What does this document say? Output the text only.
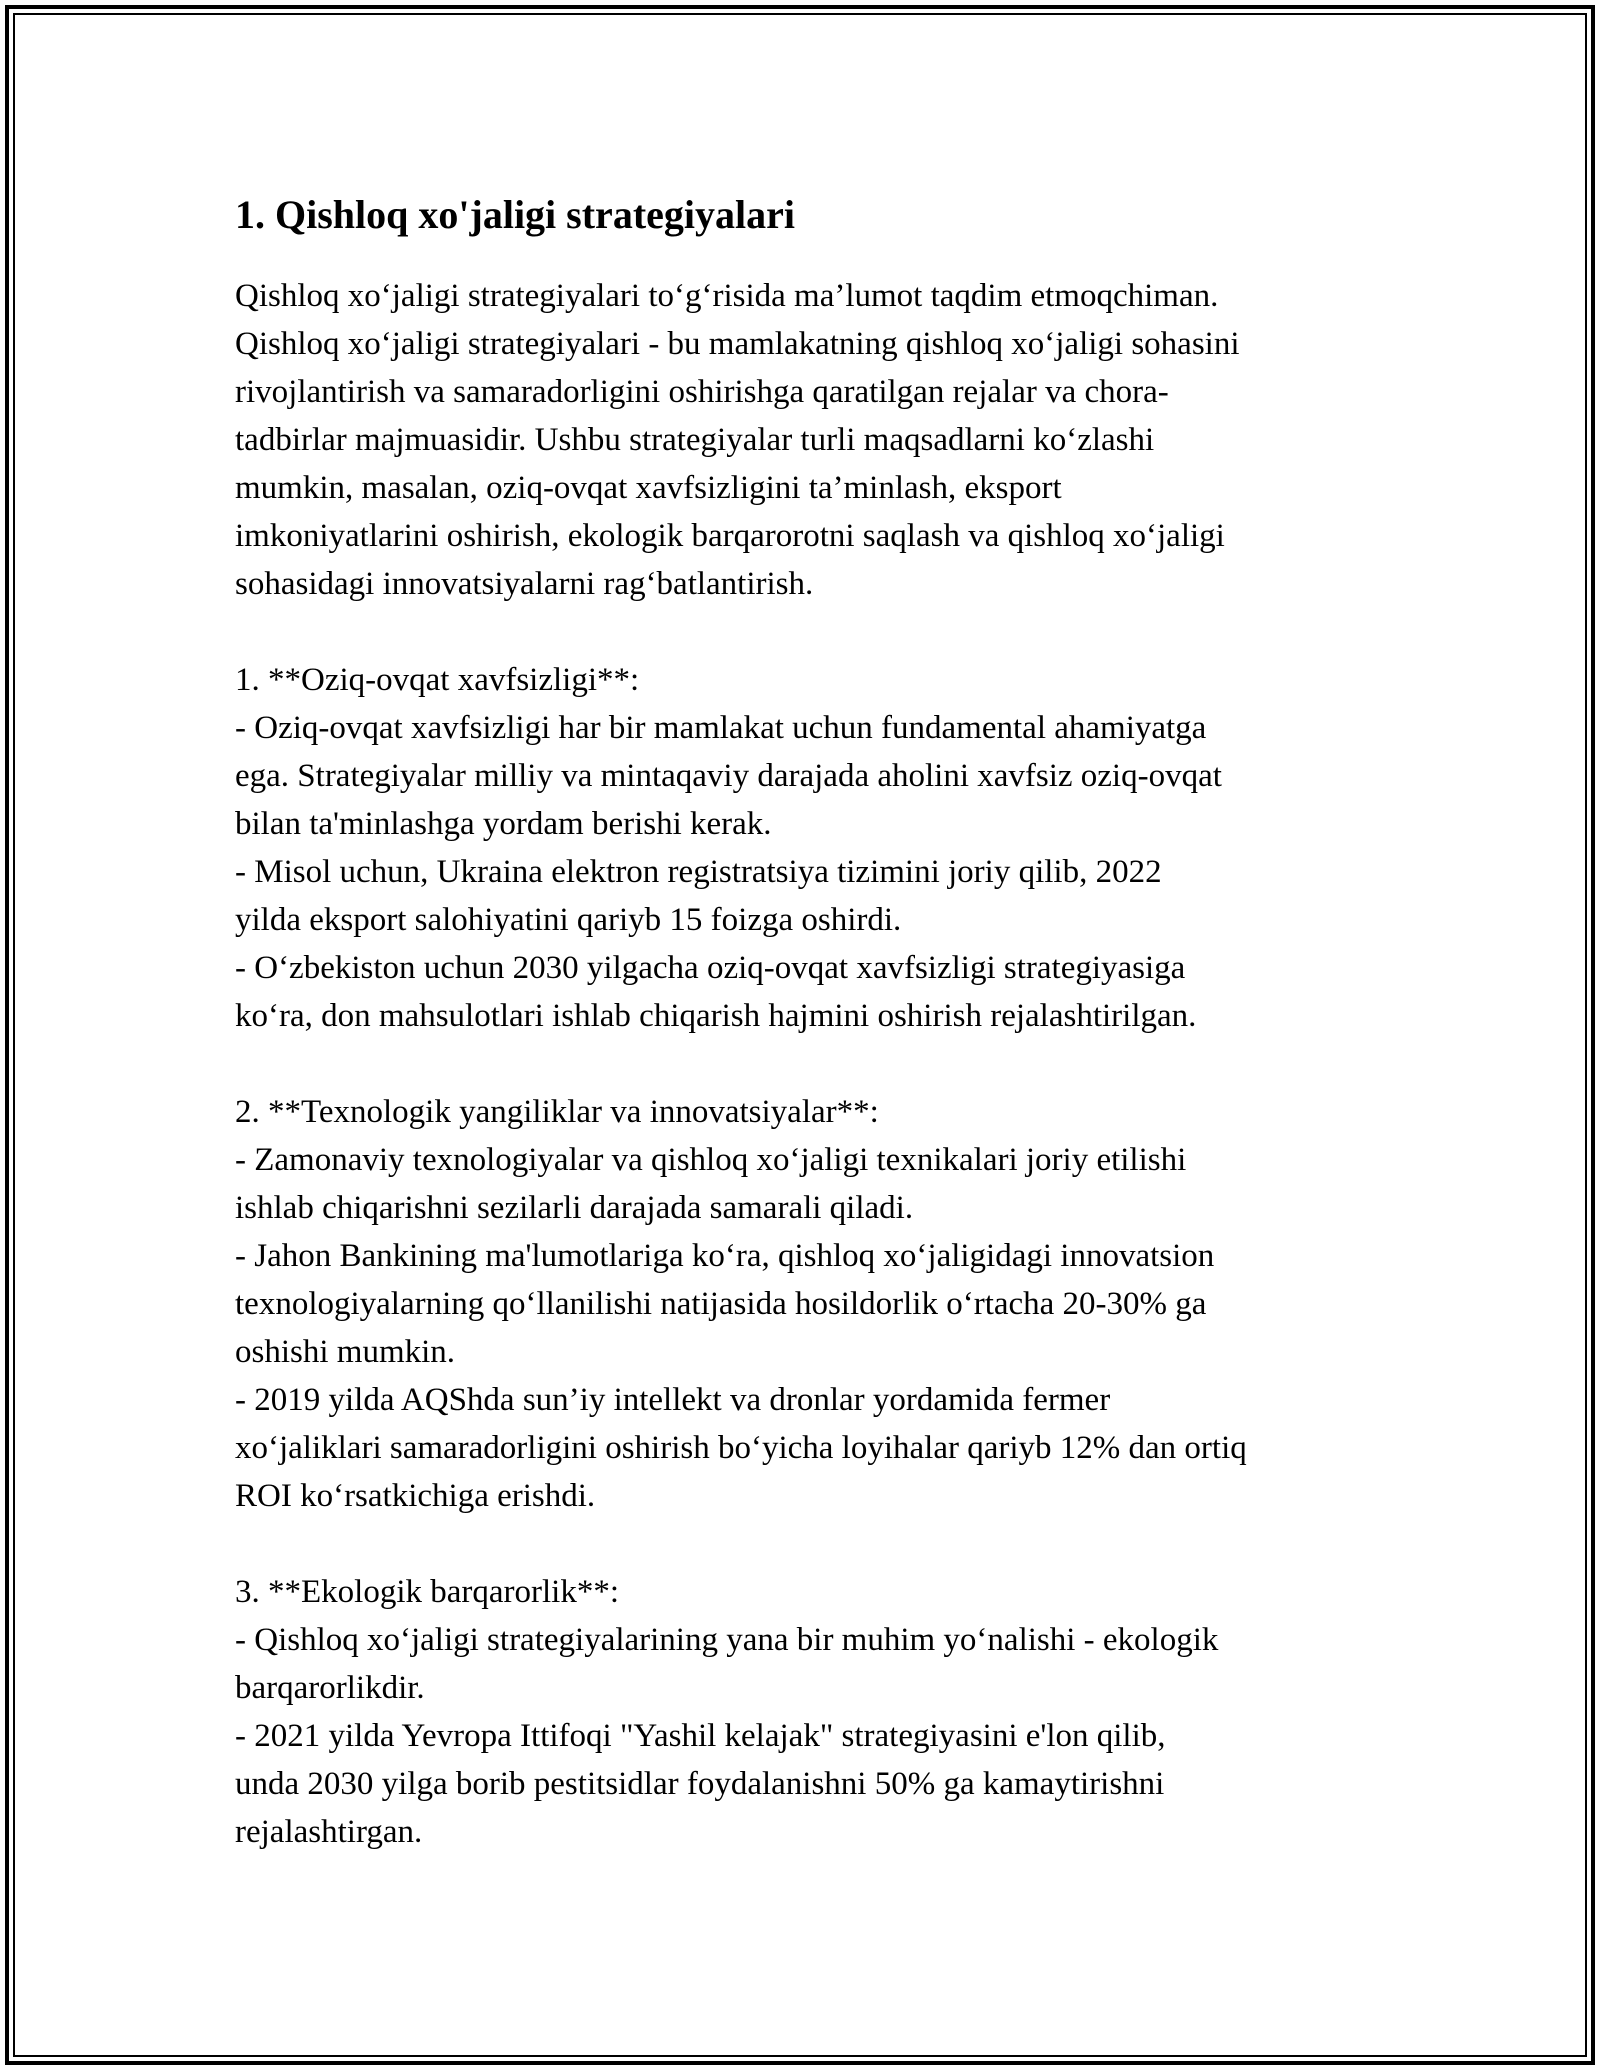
1. Qishloq xo'jaligi strategiyalari

Qishloq xo‘jaligi strategiyalari to‘g‘risida ma’lumot taqdim etmoqchiman.
Qishloq xo‘jaligi strategiyalari - bu mamlakatning qishloq xo‘jaligi sohasini
rivojlantirish va samaradorligini oshirishga qaratilgan rejalar va chora-
tadbirlar majmuasidir. Ushbu strategiyalar turli maqsadlarni ko‘zlashi
mumkin, masalan, oziq-ovqat xavfsizligini ta’minlash, eksport
imkoniyatlarini oshirish, ekologik barqarorotni saqlash va qishloq xo‘jaligi
sohasidagi innovatsiyalarni rag‘batlantirish.

1. **Oziq-ovqat xavfsizligi**:
- Oziq-ovqat xavfsizligi har bir mamlakat uchun fundamental ahamiyatga
ega. Strategiyalar milliy va mintaqaviy darajada aholini xavfsiz oziq-ovqat
bilan ta'minlashga yordam berishi kerak.
- Misol uchun, Ukraina elektron registratsiya tizimini joriy qilib, 2022
yilda eksport salohiyatini qariyb 15 foizga oshirdi.
- O‘zbekiston uchun 2030 yilgacha oziq-ovqat xavfsizligi strategiyasiga
ko‘ra, don mahsulotlari ishlab chiqarish hajmini oshirish rejalashtirilgan.

2. **Texnologik yangiliklar va innovatsiyalar**:
- Zamonaviy texnologiyalar va qishloq xo‘jaligi texnikalari joriy etilishi
ishlab chiqarishni sezilarli darajada samarali qiladi.
- Jahon Bankining ma'lumotlariga ko‘ra, qishloq xo‘jaligidagi innovatsion
texnologiyalarning qo‘llanilishi natijasida hosildorlik o‘rtacha 20-30% ga
oshishi mumkin.
- 2019 yilda AQShda sun’iy intellekt va dronlar yordamida fermer
xo‘jaliklari samaradorligini oshirish bo‘yicha loyihalar qariyb 12% dan ortiq
ROI ko‘rsatkichiga erishdi.

3. **Ekologik barqarorlik**:
- Qishloq xo‘jaligi strategiyalarining yana bir muhim yo‘nalishi - ekologik
barqarorlikdir.
- 2021 yilda Yevropa Ittifoqi "Yashil kelajak" strategiyasini e'lon qilib,
unda 2030 yilga borib pestitsidlar foydalanishni 50% ga kamaytirishni
rejalashtirgan.
